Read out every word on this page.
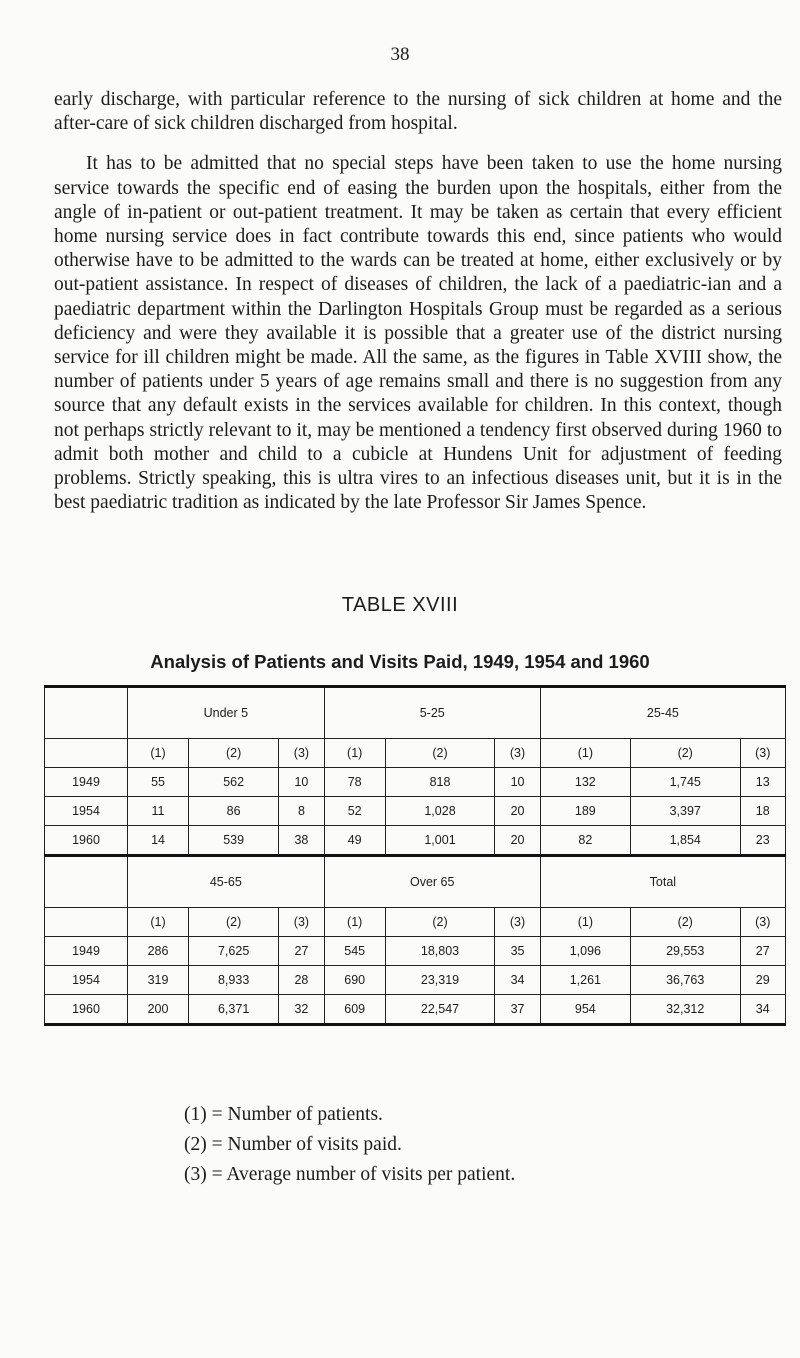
38

early discharge, with particular reference to the nursing of sick children at home and the after-care of sick children discharged from hospital.

It has to be admitted that no special steps have been taken to use the home nursing service towards the specific end of easing the burden upon the hospitals, either from the angle of in-patient or out-patient treatment. It may be taken as certain that every efficient home nursing service does in fact contribute towards this end, since patients who would otherwise have to be admitted to the wards can be treated at home, either exclusively or by out-patient assistance. In respect of diseases of children, the lack of a paediatric-ian and a paediatric department within the Darlington Hospitals Group must be regarded as a serious deficiency and were they available it is possible that a greater use of the district nursing service for ill children might be made. All the same, as the figures in Table XVIII show, the number of patients under 5 years of age remains small and there is no suggestion from any source that any default exists in the services available for children. In this context, though not perhaps strictly relevant to it, may be mentioned a tendency first observed during 1960 to admit both mother and child to a cubicle at Hundens Unit for adjustment of feeding problems. Strictly speaking, this is ultra vires to an infectious diseases unit, but it is in the best paediatric tradition as indicated by the late Professor Sir James Spence.

TABLE XVIII
Analysis of Patients and Visits Paid, 1949, 1954 and 1960
	Under 5			5-25			25-45		
	(1)	(2)	(3)	(1)	(2)	(3)	(1)	(2)	(3)
1949	55	562	10	78	818	10	132	1,745	13
1954	11	86	8	52	1,028	20	189	3,397	18
1960	14	539	38	49	1,001	20	82	1,854	23
	45-65			Over 65			Total		
	(1)	(2)	(3)	(1)	(2)	(3)	(1)	(2)	(3)
1949	286	7,625	27	545	18,803	35	1,096	29,553	27
1954	319	8,933	28	690	23,319	34	1,261	36,763	29
1960	200	6,371	32	609	22,547	37	954	32,312	34
(1) = Number of patients.
(2) = Number of visits paid.
(3) = Average number of visits per patient.
